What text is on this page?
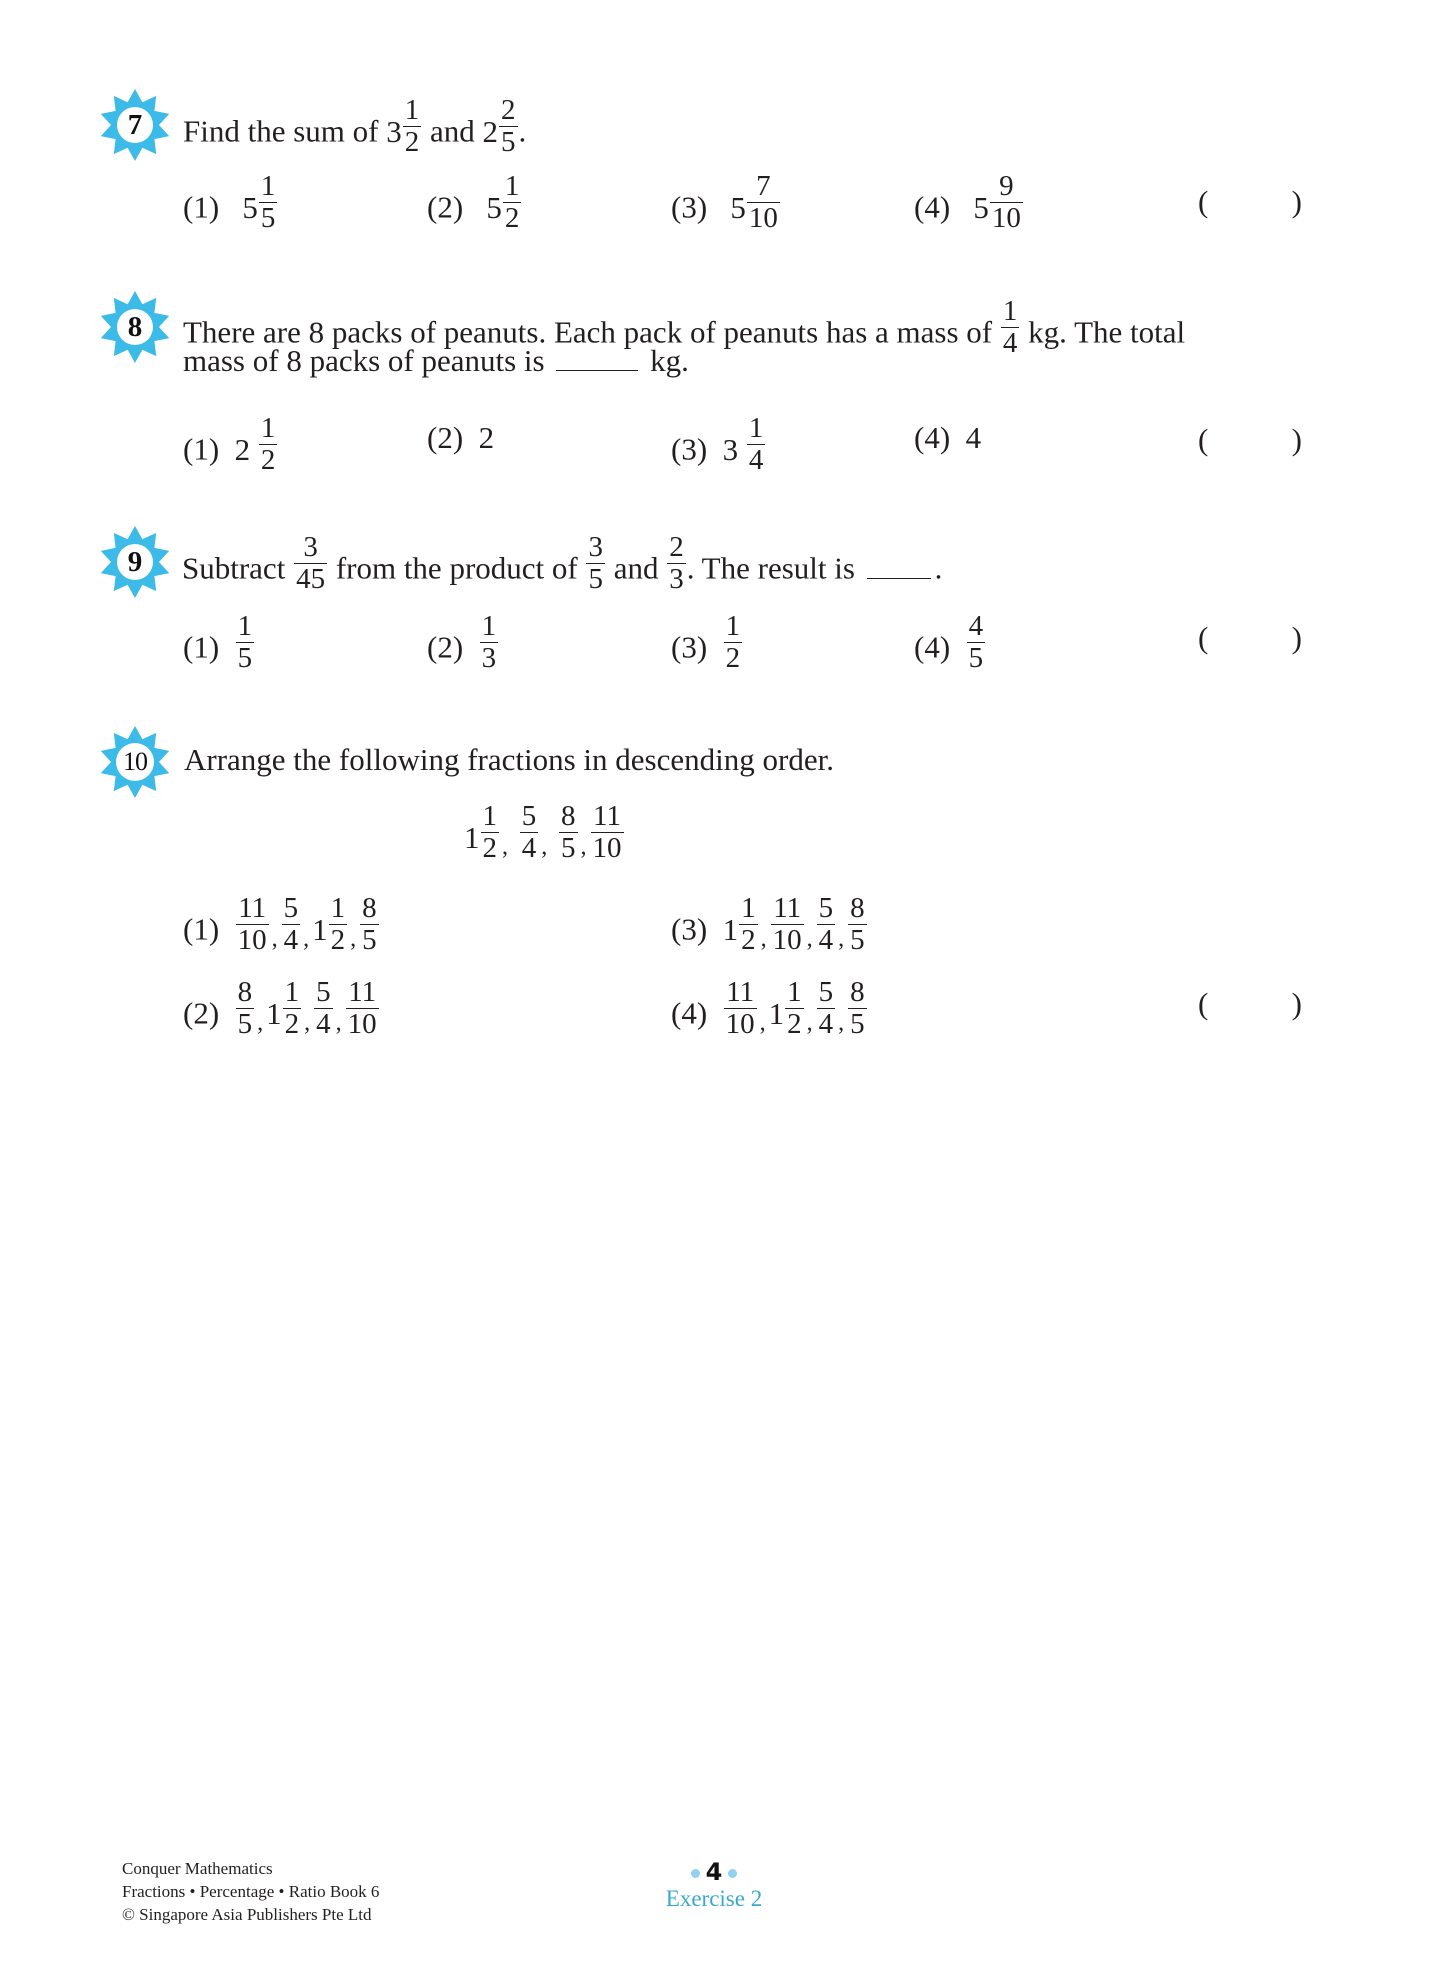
7	Find the sum of $3 \frac{1}{2}$ and $2 \frac{2}{5}$ .
(1) $5 \frac{1}{5}$	(2) $5 \frac{1}{2}$	(3) $5 \frac{7}{10}$	(4) $5 \frac{9}{10}$	(	)
8	There are 8 packs of peanuts. Each pack of peanuts has a mass of $\frac{1}{4}$ kg. The total
mass of 8 packs of peanuts is	kg.
(1) $2 \frac{1}{2}$	(2) 2	(3) $3 \frac{1}{4}$	(4) 4	(	)
9	Subtract $\frac{3}{45}$ from the product of $\frac{3}{5}$ and $\frac{2}{3}$ . The result is .
$(1) \frac{1}{5}$	$(2) \frac{1}{3}$	$(3) \frac{1}{2}$	$(4) \frac{4}{5}$	(	)
10	Arrange the following fractions in descending order.
$1 \frac{1}{2}$ , $\frac{5}{4}$ , $\frac{8}{5}$ , $\frac{11}{10}$
$(1) \frac{11}{10}$ , $\frac{5}{4} ,1 \frac{1}{2}$ , $\frac{8}{5}$
$(2) \frac{8}{5} ,1 \frac{1}{2}$ , $\frac{5}{4}$ , $\frac{11}{10}$
(3) $1 \frac{1}{2}$ , $\frac{11}{10}$ , $\frac{5}{4}$ , $\frac{8}{5}$
$(4) \frac{11}{10} ,1 \frac{1}{2}$ , $\frac{5}{4}$ , $\frac{8}{5}$	(	)
Conquer Mathematics
Fractions • Percentage • Ratio Book 6
© Singapore Asia Publishers Pte Ltd
4
Exercise 2
